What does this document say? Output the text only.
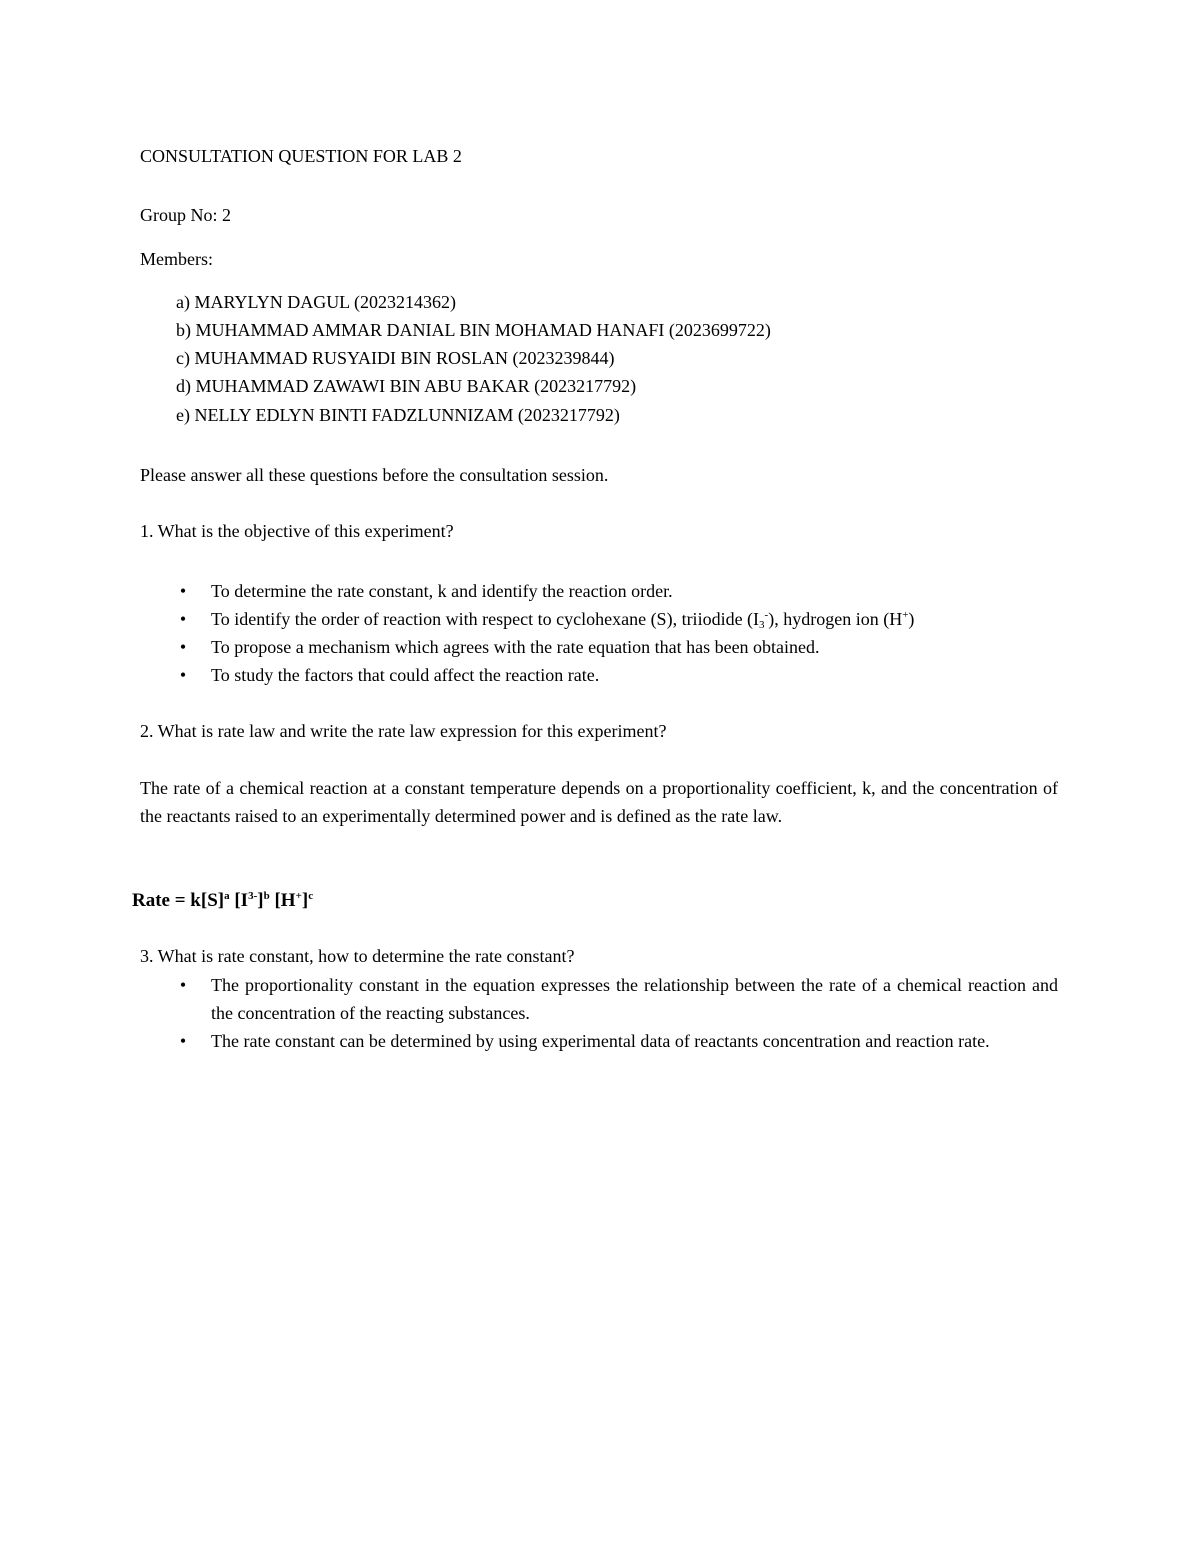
CONSULTATION QUESTION FOR LAB 2
Group No: 2
Members:
a) MARYLYN DAGUL (2023214362)
b) MUHAMMAD AMMAR DANIAL BIN MOHAMAD HANAFI (2023699722)
c) MUHAMMAD RUSYAIDI BIN ROSLAN (2023239844)
d) MUHAMMAD ZAWAWI BIN ABU BAKAR (2023217792)
e) NELLY EDLYN BINTI FADZLUNNIZAM (2023217792)
Please answer all these questions before the consultation session.
1. What is the objective of this experiment?
• To determine the rate constant, k and identify the reaction order.
• To identify the order of reaction with respect to cyclohexane (S), triiodide $(I_3^-)$, hydrogen ion (H+)
• To propose a mechanism which agrees with the rate equation that has been obtained.
• To study the factors that could affect the reaction rate.
2. What is rate law and write the rate law expression for this experiment?
The rate of a chemical reaction at a constant temperature depends on a proportionality coefficient, k, and the concentration of the reactants raised to an experimentally determined power and is defined as the rate law.
Rate = $k[S]^a$ $[I^{3-}]^b$ $[H^+]^c$
3. What is rate constant, how to determine the rate constant?
• The proportionality constant in the equation expresses the relationship between the rate of a chemical reaction and the concentration of the reacting substances.
• The rate constant can be determined by using experimental data of reactants concentration and reaction rate.
